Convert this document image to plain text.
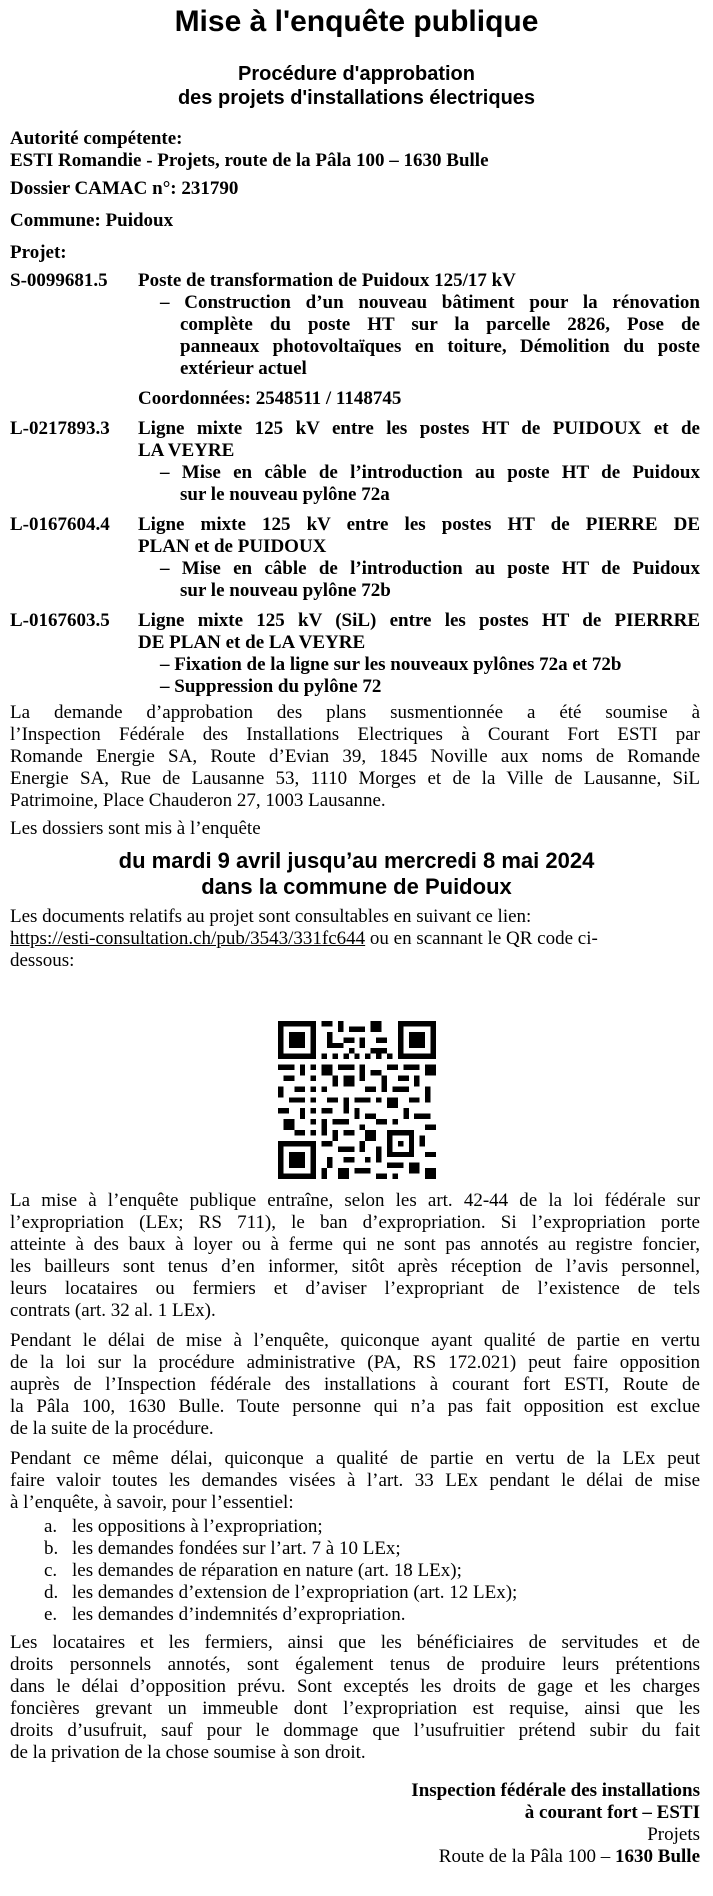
Mise à l'enquête publique
Procédure d'approbation
des projets d'installations électriques
Autorité compétente:
ESTI Romandie - Projets, route de la Pâla 100 – 1630 Bulle
Dossier CAMAC n°: 231790
Commune: Puidoux
Projet:
S-0099681.5 Poste de transformation de Puidoux 125/17 kV
– Construction d’un nouveau bâtiment pour la rénovation
complète du poste HT sur la parcelle 2826, Pose de
panneaux photovoltaïques en toiture, Démolition du poste
extérieur actuel
Coordonnées: 2548511 / 1148745
L-0217893.3 Ligne mixte 125 kV entre les postes HT de PUIDOUX et de
LA VEYRE
– Mise en câble de l’introduction au poste HT de Puidoux
sur le nouveau pylône 72a
L-0167604.4 Ligne mixte 125 kV entre les postes HT de PIERRE DE
PLAN et de PUIDOUX
– Mise en câble de l’introduction au poste HT de Puidoux
sur le nouveau pylône 72b
L-0167603.5 Ligne mixte 125 kV (SiL) entre les postes HT de PIERRRE
DE PLAN et de LA VEYRE
– Fixation de la ligne sur les nouveaux pylônes 72a et 72b
– Suppression du pylône 72
La demande d’approbation des plans susmentionnée a été soumise à
l’Inspection Fédérale des Installations Electriques à Courant Fort ESTI par
Romande Energie SA, Route d’Evian 39, 1845 Noville aux noms de Romande
Energie SA, Rue de Lausanne 53, 1110 Morges et de la Ville de Lausanne, SiL
Patrimoine, Place Chauderon 27, 1003 Lausanne.
Les dossiers sont mis à l’enquête
du mardi 9 avril jusqu’au mercredi 8 mai 2024
dans la commune de Puidoux
Les documents relatifs au projet sont consultables en suivant ce lien:
https://esti-consultation.ch/pub/3543/331fc644 ou en scannant le QR code ci-
dessous:
La mise à l’enquête publique entraîne, selon les art. 42-44 de la loi fédérale sur
l’expropriation (LEx; RS 711), le ban d’expropriation. Si l’expropriation porte
atteinte à des baux à loyer ou à ferme qui ne sont pas annotés au registre foncier,
les bailleurs sont tenus d’en informer, sitôt après réception de l’avis personnel,
leurs locataires ou fermiers et d’aviser l’expropriant de l’existence de tels
contrats (art. 32 al. 1 LEx).
Pendant le délai de mise à l’enquête, quiconque ayant qualité de partie en vertu
de la loi sur la procédure administrative (PA, RS 172.021) peut faire opposition
auprès de l’Inspection fédérale des installations à courant fort ESTI, Route de
la Pâla 100, 1630 Bulle. Toute personne qui n’a pas fait opposition est exclue
de la suite de la procédure.
Pendant ce même délai, quiconque a qualité de partie en vertu de la LEx peut
faire valoir toutes les demandes visées à l’art. 33 LEx pendant le délai de mise
à l’enquête, à savoir, pour l’essentiel:
a. les oppositions à l’expropriation;
b. les demandes fondées sur l’art. 7 à 10 LEx;
c. les demandes de réparation en nature (art. 18 LEx);
d. les demandes d’extension de l’expropriation (art. 12 LEx);
e. les demandes d’indemnités d’expropriation.
Les locataires et les fermiers, ainsi que les bénéficiaires de servitudes et de
droits personnels annotés, sont également tenus de produire leurs prétentions
dans le délai d’opposition prévu. Sont exceptés les droits de gage et les charges
foncières grevant un immeuble dont l’expropriation est requise, ainsi que les
droits d’usufruit, sauf pour le dommage que l’usufruitier prétend subir du fait
de la privation de la chose soumise à son droit.
Inspection fédérale des installations
à courant fort – ESTI
Projets
Route de la Pâla 100 – 1630 Bulle
